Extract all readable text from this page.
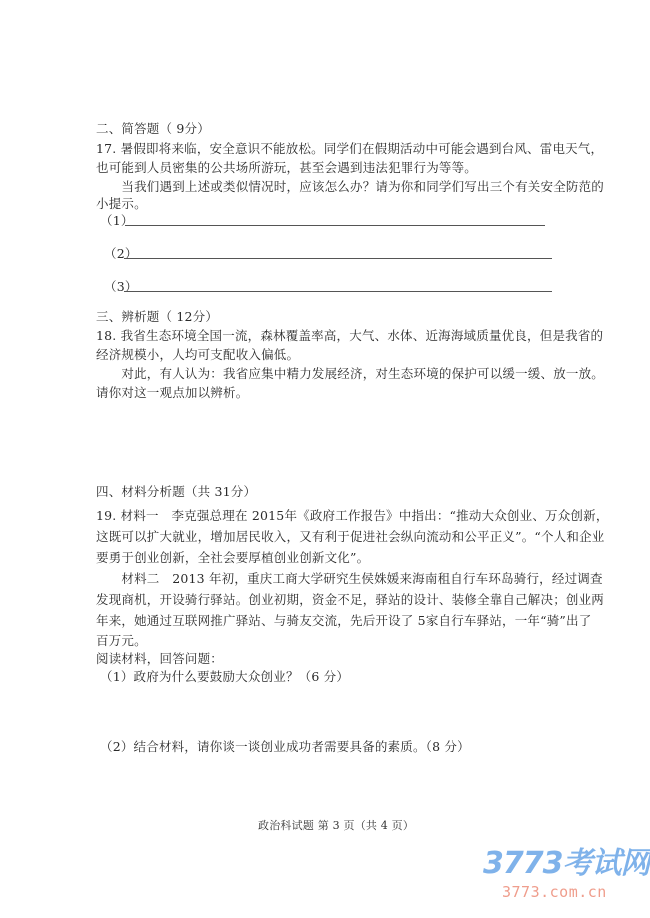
二、简答题（ 9分）
17. 暑假即将来临，安全意识不能放松。同学们在假期活动中可能会遇到台风、雷电天气，
也可能到人员密集的公共场所游玩，甚至会遇到违法犯罪行为等等。
　　当我们遇到上述或类似情况时，应该怎么办？请为你和同学们写出三个有关安全防范的
小提示。
（1）
（2）
（3）
三、辨析题（ 12分）
18. 我省生态环境全国一流，森林覆盖率高，大气、水体、近海海域质量优良，但是我省的
经济规模小，人均可支配收入偏低。
　　对此，有人认为：我省应集中精力发展经济，对生态环境的保护可以缓一缓、放一放。
请你对这一观点加以辨析。
四、材料分析题（共 31分）
19. 材料一　李克强总理在 2015年《政府工作报告》中指出：“推动大众创业、万众创新，
这既可以扩大就业，增加居民收入，又有利于促进社会纵向流动和公平正义”。“个人和企业
要勇于创业创新，全社会要厚植创业创新文化”。
　　材料二　2013 年初，重庆工商大学研究生侯姝媛来海南租自行车环岛骑行，经过调查
发现商机，开设骑行驿站。创业初期，资金不足，驿站的设计、装修全靠自己解决；创业两
年来，她通过互联网推广驿站、与骑友交流，先后开设了 5家自行车驿站，一年“骑”出了
百万元。
阅读材料，回答问题：
（1）政府为什么要鼓励大众创业？（6 分）
（2）结合材料，请你谈一谈创业成功者需要具备的素质。（8 分）
政治科试题 第 3 页（共 4 页）
3773考试网
3773.com.cn
